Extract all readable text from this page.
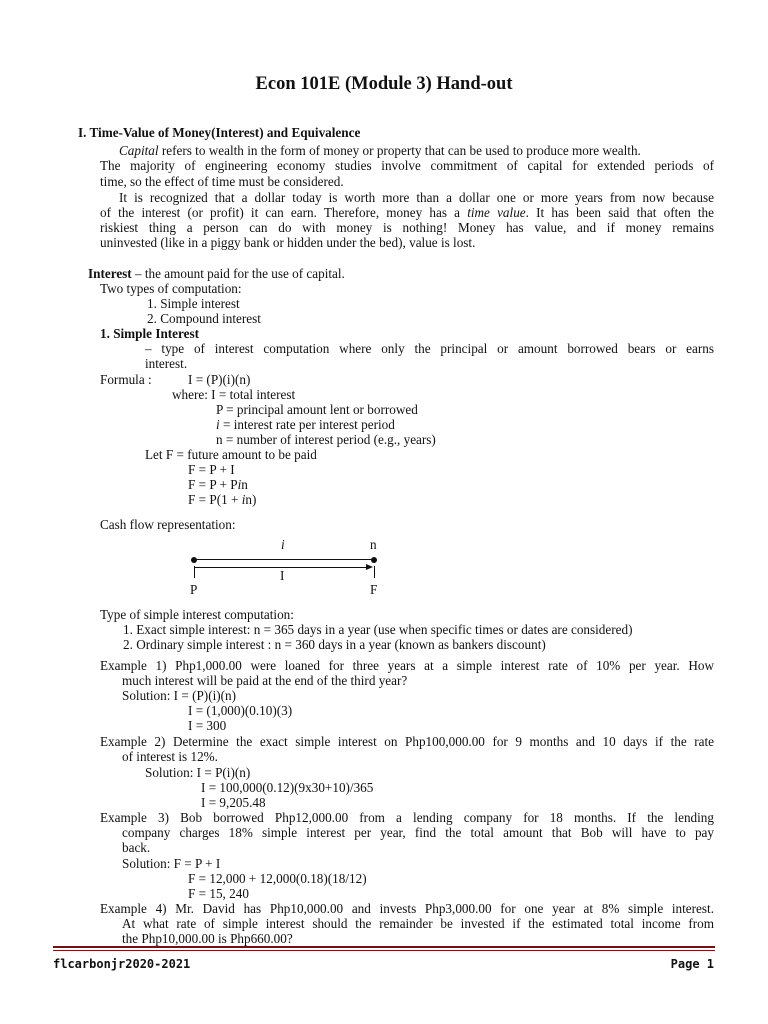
Econ 101E (Module 3) Hand-out
I. Time-Value of Money(Interest) and Equivalence
Capital refers to wealth in the form of money or property that can be used to produce more wealth.
The majority of engineering economy studies involve commitment of capital for extended periods of
time, so the effect of time must be considered.
It is recognized that a dollar today is worth more than a dollar one or more years from now because
of the interest (or profit) it can earn. Therefore, money has a time value. It has been said that often the
riskiest thing a person can do with money is nothing! Money has value, and if money remains
uninvested (like in a piggy bank or hidden under the bed), value is lost.
Interest – the amount paid for the use of capital.
Two types of computation:
1. Simple interest
2. Compound interest
1. Simple Interest
– type of interest computation where only the principal or amount borrowed bears or earns
interest.
Formula :	I = (P)(i)(n)
where: I = total interest
P = principal amount lent or borrowed
i = interest rate per interest period
n = number of interest period (e.g., years)
Let F = future amount to be paid
F = P + I
F = P + Pin
F = P(1 + in)
Cash flow representation:
i	n
I
P	F
Type of simple interest computation:
1. Exact simple interest: n = 365 days in a year (use when specific times or dates are considered)
2. Ordinary simple interest : n = 360 days in a year (known as bankers discount)
Example 1) Php1,000.00 were loaned for three years at a simple interest rate of 10% per year. How
much interest will be paid at the end of the third year?
Solution: I = (P)(i)(n)
I = (1,000)(0.10)(3)
I = 300
Example 2) Determine the exact simple interest on Php100,000.00 for 9 months and 10 days if the rate
of interest is 12%.
Solution: I = P(i)(n)
I = 100,000(0.12)(9x30+10)/365
I = 9,205.48
Example 3) Bob borrowed Php12,000.00 from a lending company for 18 months. If the lending
company charges 18% simple interest per year, find the total amount that Bob will have to pay
back.
Solution: F = P + I
F = 12,000 + 12,000(0.18)(18/12)
F = 15, 240
Example 4) Mr. David has Php10,000.00 and invests Php3,000.00 for one year at 8% simple interest.
At what rate of simple interest should the remainder be invested if the estimated total income from
the Php10,000.00 is Php660.00?
flcarbonjr2020-2021	Page 1
